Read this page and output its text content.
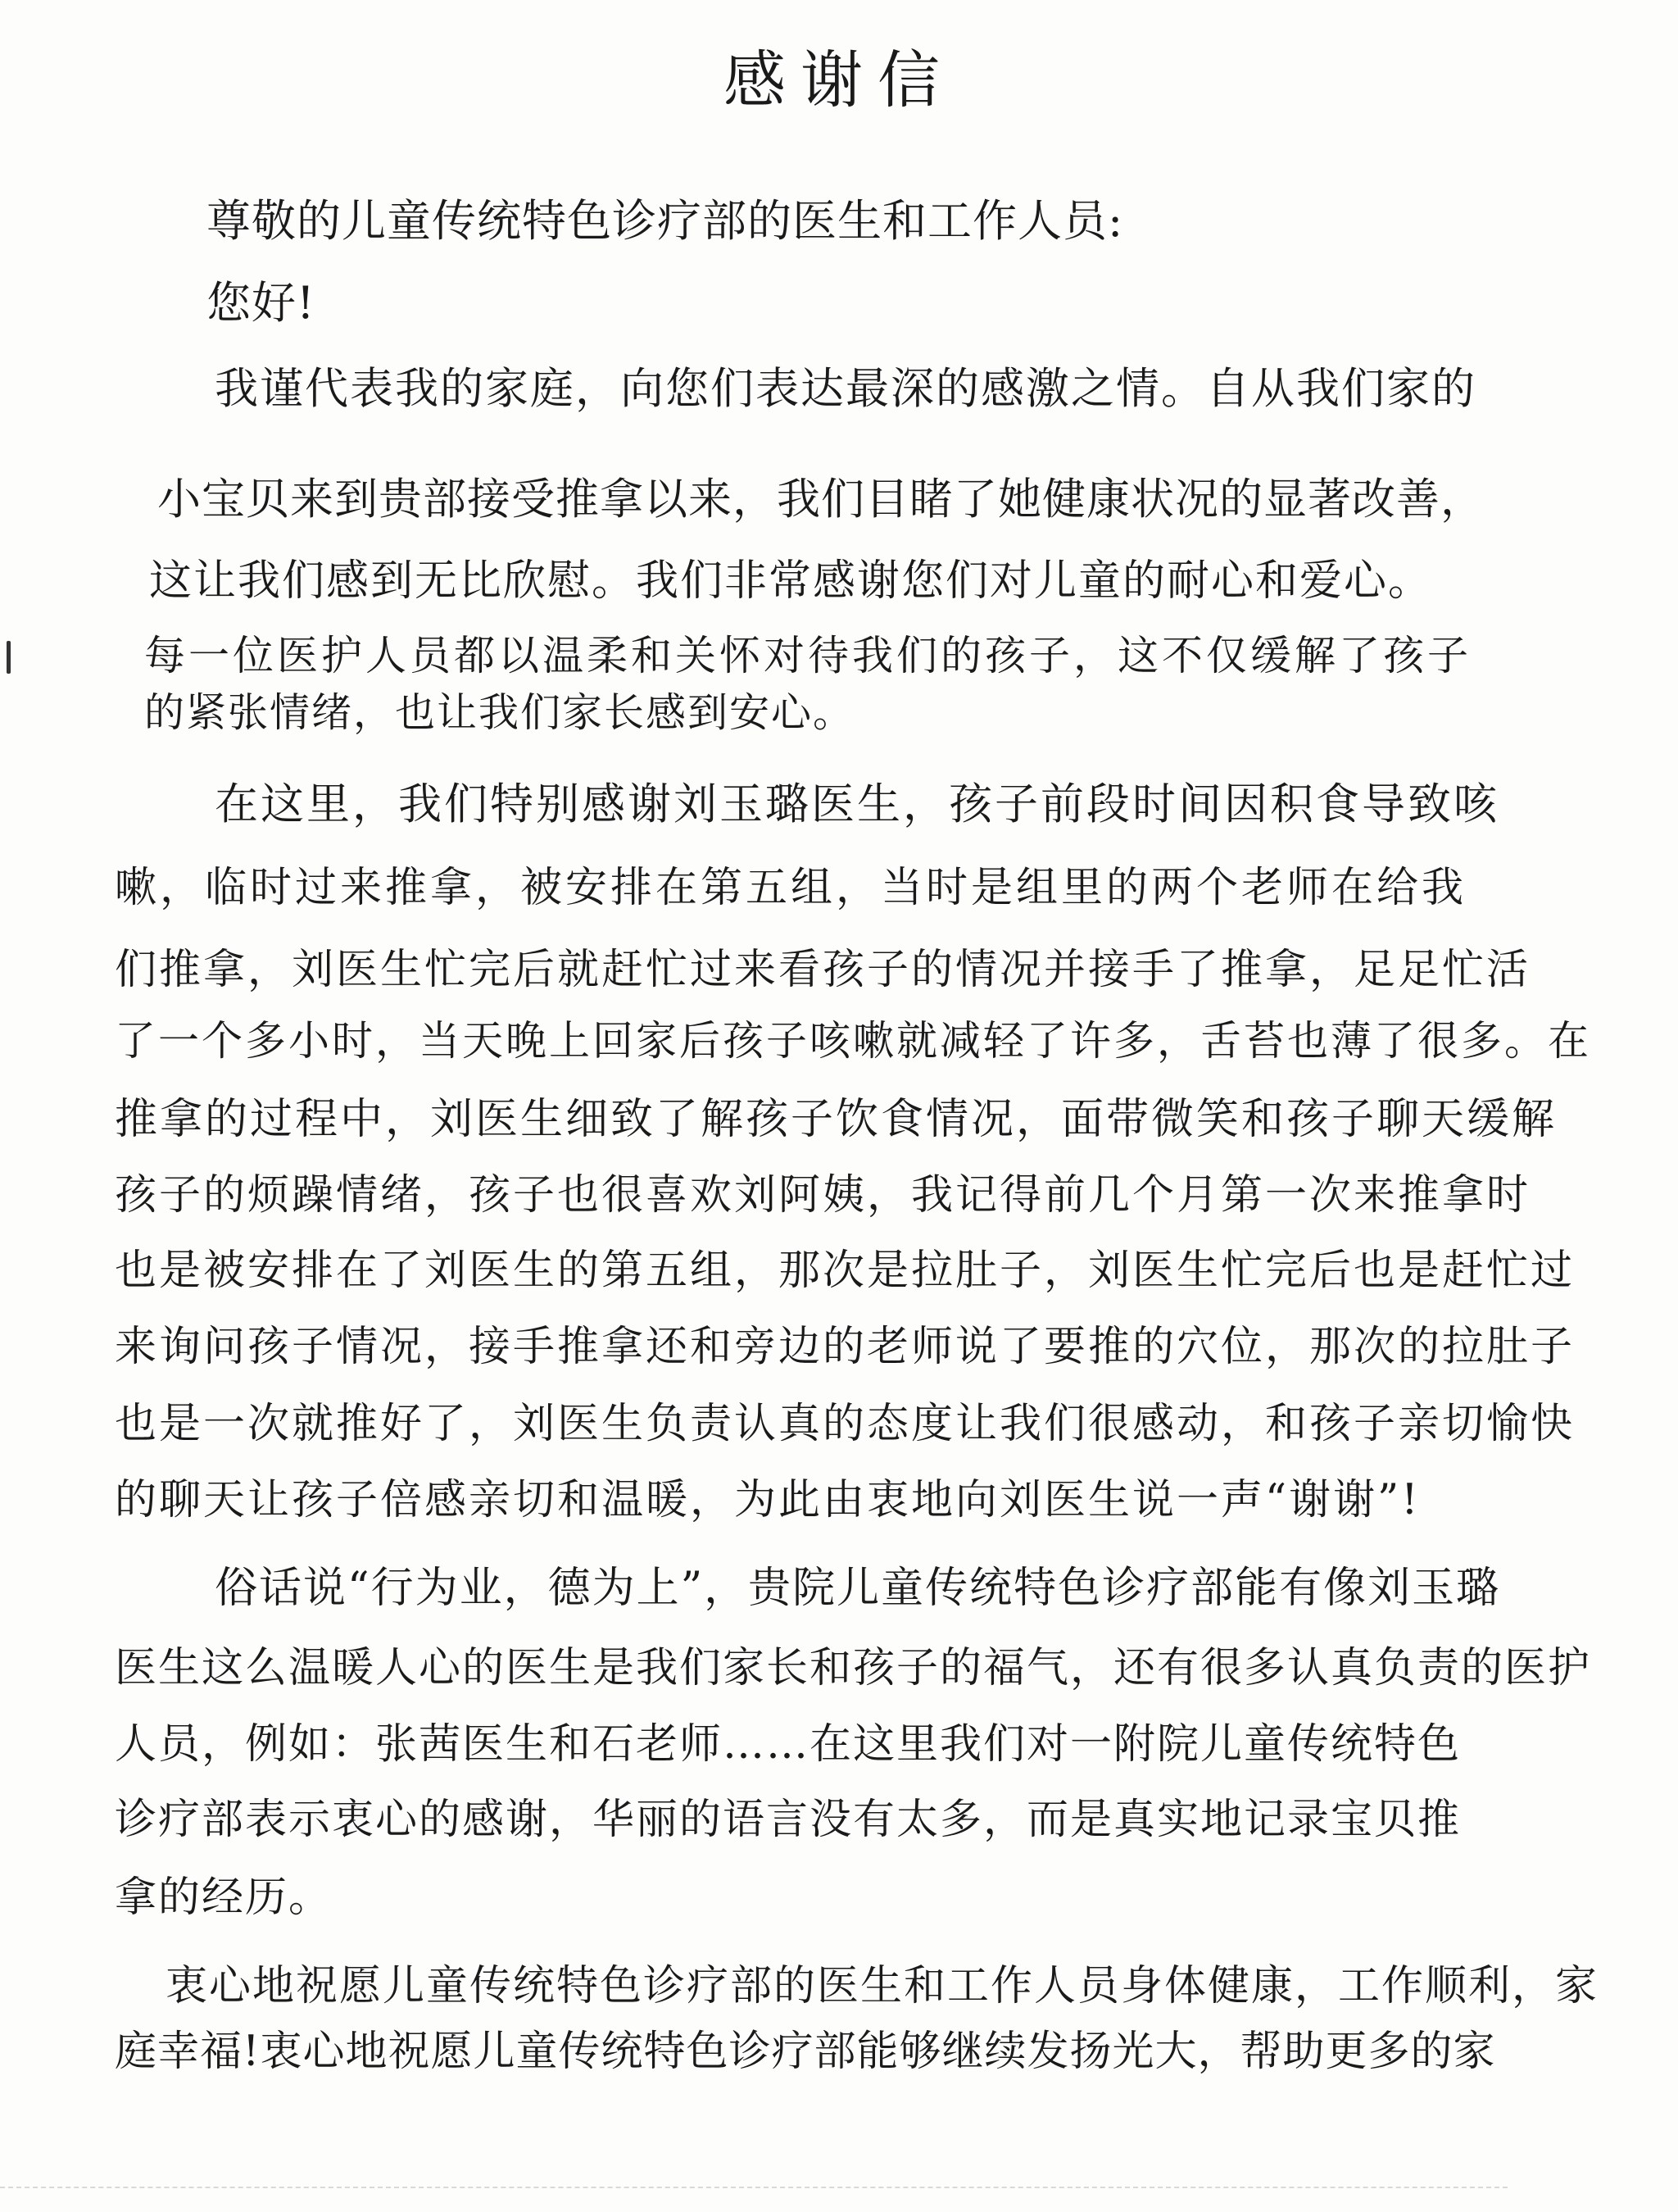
感谢信
尊敬的儿童传统特色诊疗部的医生和工作人员:
您好!
我谨代表我的家庭，向您们表达最深的感激之情。自从我们家的
小宝贝来到贵部接受推拿以来，我们目睹了她健康状况的显著改善，
这让我们感到无比欣慰。我们非常感谢您们对儿童的耐心和爱心。
每一位医护人员都以温柔和关怀对待我们的孩子，这不仅缓解了孩子
的紧张情绪，也让我们家长感到安心。
在这里，我们特别感谢刘玉璐医生，孩子前段时间因积食导致咳
嗽，临时过来推拿，被安排在第五组，当时是组里的两个老师在给我
们推拿，刘医生忙完后就赶忙过来看孩子的情况并接手了推拿，足足忙活
了一个多小时，当天晚上回家后孩子咳嗽就减轻了许多，舌苔也薄了很多。在
推拿的过程中，刘医生细致了解孩子饮食情况，面带微笑和孩子聊天缓解
孩子的烦躁情绪，孩子也很喜欢刘阿姨，我记得前几个月第一次来推拿时
也是被安排在了刘医生的第五组，那次是拉肚子，刘医生忙完后也是赶忙过
来询问孩子情况，接手推拿还和旁边的老师说了要推的穴位，那次的拉肚子
也是一次就推好了，刘医生负责认真的态度让我们很感动，和孩子亲切愉快
的聊天让孩子倍感亲切和温暖，为此由衷地向刘医生说一声“谢谢”!
俗话说“行为业，德为上”，贵院儿童传统特色诊疗部能有像刘玉璐
医生这么温暖人心的医生是我们家长和孩子的福气，还有很多认真负责的医护
人员，例如：张茜医生和石老师……在这里我们对一附院儿童传统特色
诊疗部表示衷心的感谢，华丽的语言没有太多，而是真实地记录宝贝推
拿的经历。
衷心地祝愿儿童传统特色诊疗部的医生和工作人员身体健康，工作顺利，家
庭幸福!衷心地祝愿儿童传统特色诊疗部能够继续发扬光大，帮助更多的家
